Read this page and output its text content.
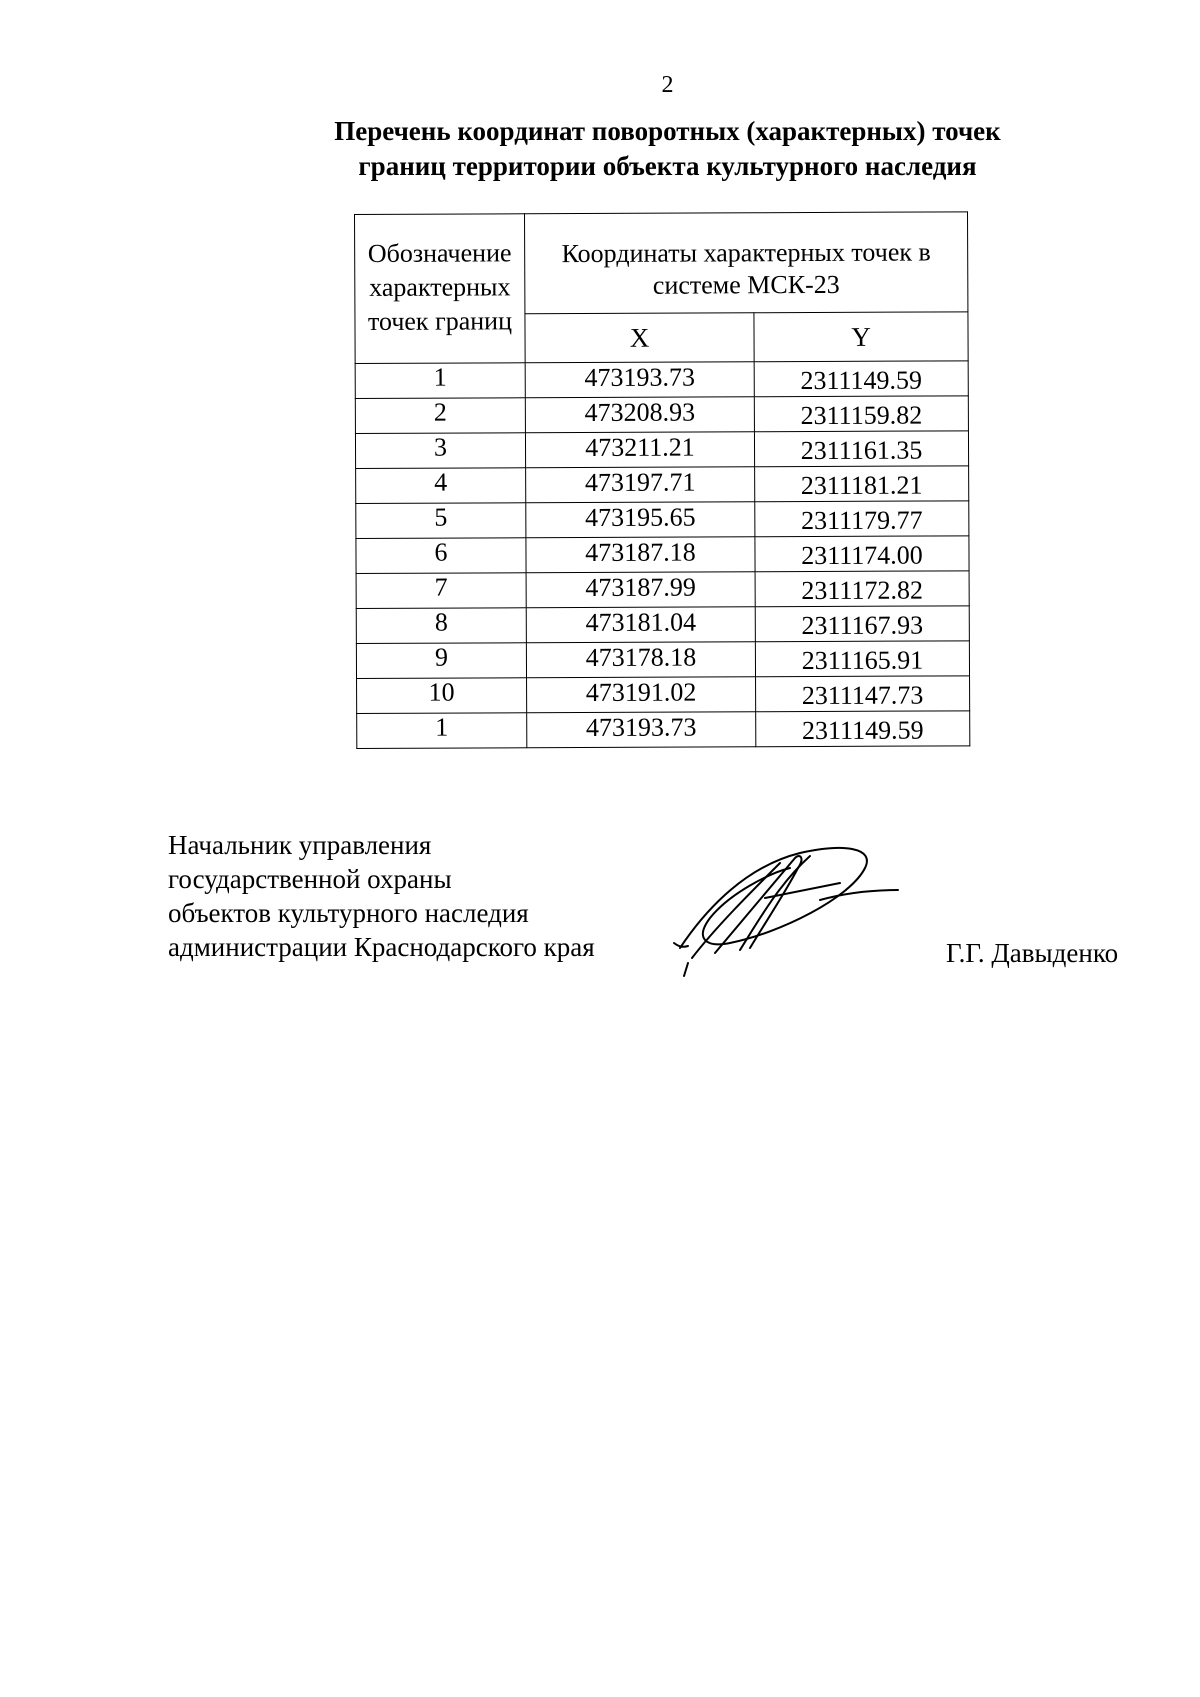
2
Перечень координат поворотных (характерных) точек
границ территории объекта культурного наследия
Обозначение
характерных
точек границ	Координаты характерных точек в
системе МСК-23	
	X	Y
1	473193.73	2311149.59
2	473208.93	2311159.82
3	473211.21	2311161.35
4	473197.71	2311181.21
5	473195.65	2311179.77
6	473187.18	2311174.00
7	473187.99	2311172.82
8	473181.04	2311167.93
9	473178.18	2311165.91
10	473191.02	2311147.73
1	473193.73	2311149.59
Начальник управления
государственной охраны
объектов культурного наследия
администрации Краснодарского края	Г.Г. Давыденко
